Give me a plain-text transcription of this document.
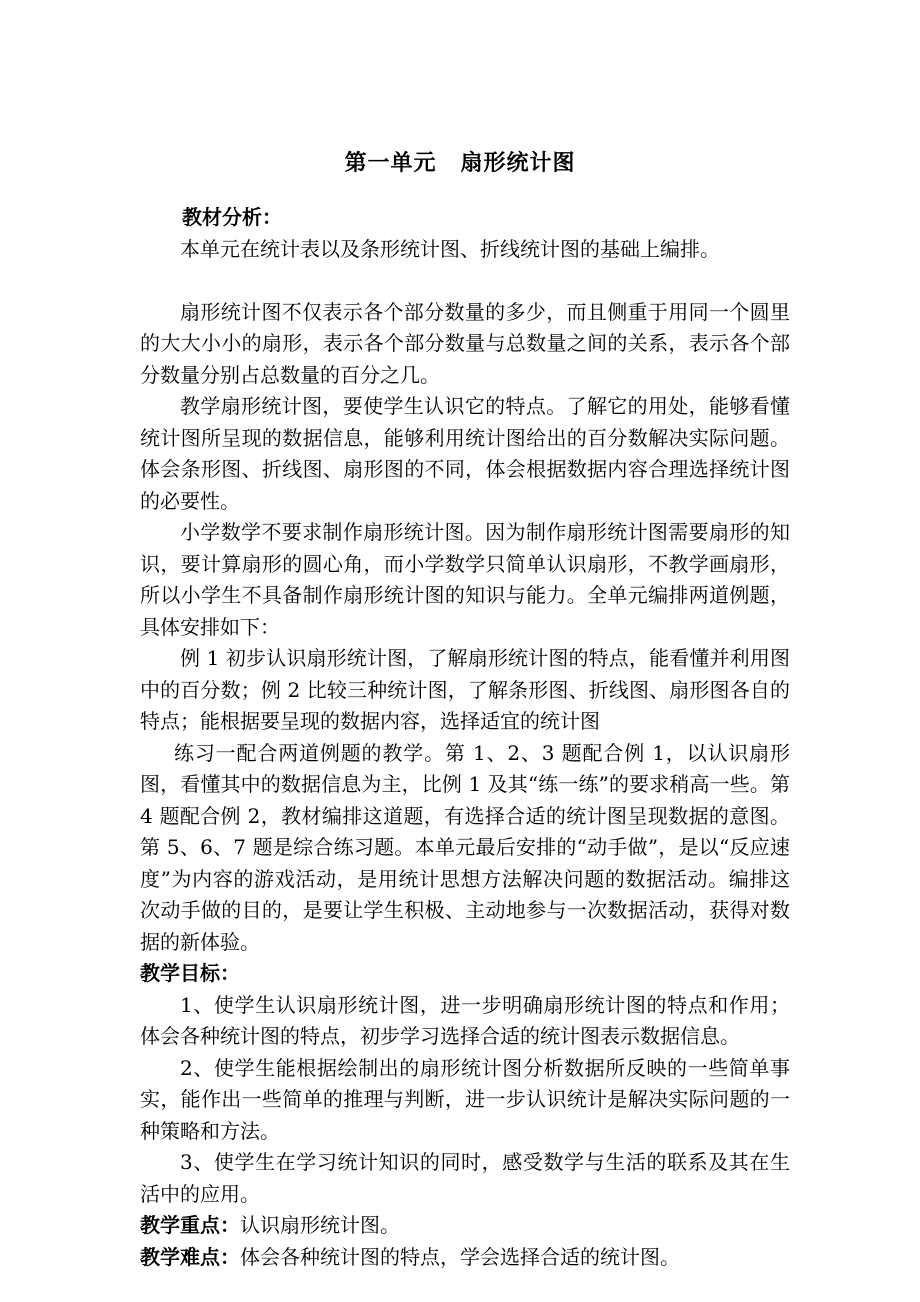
第一单元 扇形统计图

教材分析：

本单元在统计表以及条形统计图、折线统计图的基础上编排。

扇形统计图不仅表示各个部分数量的多少，而且侧重于用同一个圆里的大大小小的扇形，表示各个部分数量与总数量之间的关系，表示各个部分数量分别占总数量的百分之几。

教学扇形统计图，要使学生认识它的特点。了解它的用处，能够看懂统计图所呈现的数据信息，能够利用统计图给出的百分数解决实际问题。体会条形图、折线图、扇形图的不同，体会根据数据内容合理选择统计图的必要性。

小学数学不要求制作扇形统计图。因为制作扇形统计图需要扇形的知识，要计算扇形的圆心角，而小学数学只简单认识扇形，不教学画扇形，所以小学生不具备制作扇形统计图的知识与能力。全单元编排两道例题，具体安排如下：

例 1 初步认识扇形统计图，了解扇形统计图的特点，能看懂并利用图中的百分数；例 2 比较三种统计图，了解条形图、折线图、扇形图各自的特点；能根据要呈现的数据内容，选择适宜的统计图

练习一配合两道例题的教学。第 1、2、3 题配合例 1，以认识扇形图，看懂其中的数据信息为主，比例 1 及其“练一练”的要求稍高一些。第 4 题配合例 2，教材编排这道题，有选择合适的统计图呈现数据的意图。第 5、6、7 题是综合练习题。本单元最后安排的“动手做”，是以“反应速度”为内容的游戏活动，是用统计思想方法解决问题的数据活动。编排这次动手做的目的，是要让学生积极、主动地参与一次数据活动，获得对数据的新体验。

教学目标：

1、使学生认识扇形统计图，进一步明确扇形统计图的特点和作用；体会各种统计图的特点，初步学习选择合适的统计图表示数据信息。

2、使学生能根据绘制出的扇形统计图分析数据所反映的一些简单事实，能作出一些简单的推理与判断，进一步认识统计是解决实际问题的一种策略和方法。

3、使学生在学习统计知识的同时，感受数学与生活的联系及其在生活中的应用。

教学重点：认识扇形统计图。

教学难点：体会各种统计图的特点，学会选择合适的统计图。
